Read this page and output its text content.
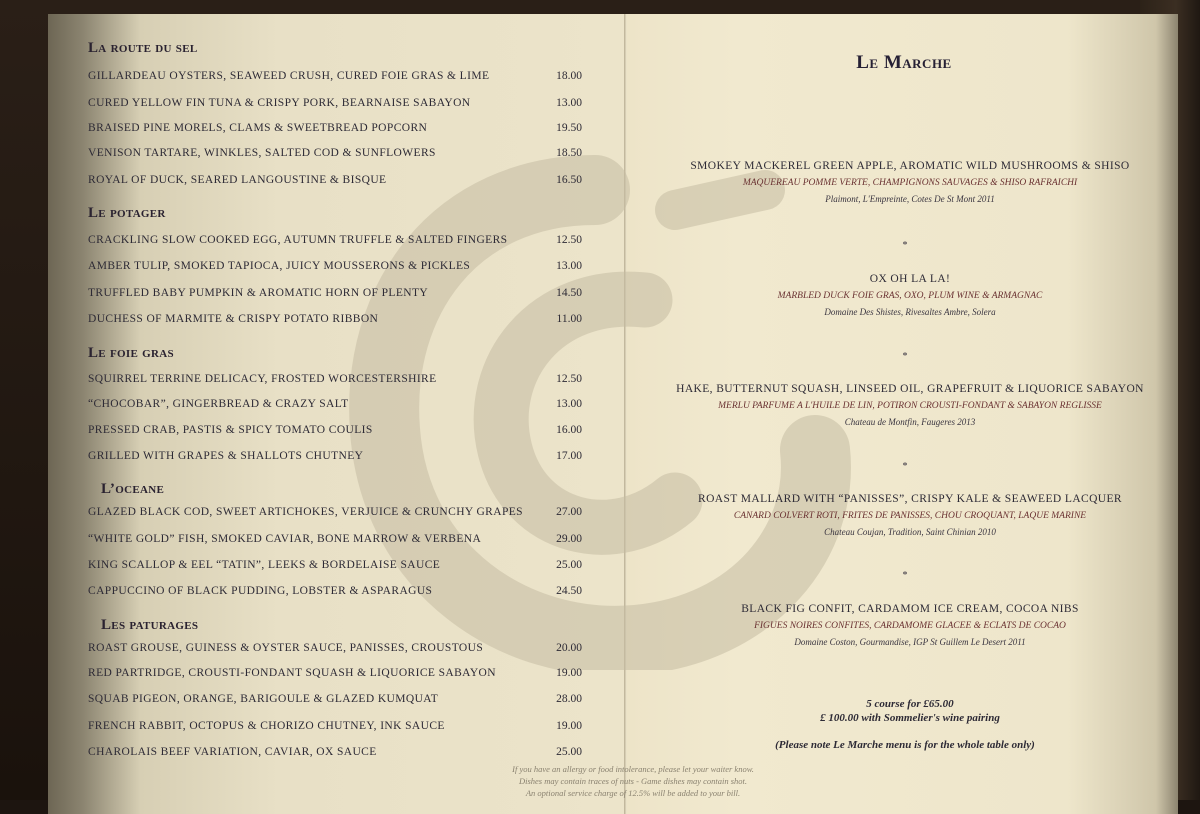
La route du sel
GILLARDEAU OYSTERS, SEAWEED CRUSH, CURED FOIE GRAS & LIME	18.00
CURED YELLOW FIN TUNA & CRISPY PORK, BEARNAISE SABAYON	13.00
BRAISED PINE MORELS, CLAMS & SWEETBREAD POPCORN	19.50
VENISON TARTARE, WINKLES, SALTED COD & SUNFLOWERS	18.50
ROYAL OF DUCK, SEARED LANGOUSTINE & BISQUE	16.50
Le potager
CRACKLING SLOW COOKED EGG, AUTUMN TRUFFLE & SALTED FINGERS	12.50
AMBER TULIP, SMOKED TAPIOCA, JUICY MOUSSERONS & PICKLES	13.00
TRUFFLED BABY PUMPKIN & AROMATIC HORN OF PLENTY	14.50
DUCHESS OF MARMITE & CRISPY POTATO RIBBON	11.00
Le foie gras
SQUIRREL TERRINE DELICACY, FROSTED WORCESTERSHIRE	12.50
“CHOCOBAR”, GINGERBREAD & CRAZY SALT	13.00
PRESSED CRAB, PASTIS & SPICY TOMATO COULIS	16.00
GRILLED WITH GRAPES & SHALLOTS CHUTNEY	17.00
L’oceane
GLAZED BLACK COD, SWEET ARTICHOKES, VERJUICE & CRUNCHY GRAPES	27.00
“WHITE GOLD” FISH, SMOKED CAVIAR, BONE MARROW & VERBENA	29.00
KING SCALLOP & EEL “TATIN”, LEEKS & BORDELAISE SAUCE	25.00
CAPPUCCINO OF BLACK PUDDING, LOBSTER & ASPARAGUS	24.50
Les paturages
ROAST GROUSE, GUINESS & OYSTER SAUCE, PANISSES, CROUSTOUS	20.00
RED PARTRIDGE, CROUSTI-FONDANT SQUASH & LIQUORICE SABAYON	19.00
SQUAB PIGEON, ORANGE, BARIGOULE & GLAZED KUMQUAT	28.00
FRENCH RABBIT, OCTOPUS & CHORIZO CHUTNEY, INK SAUCE	19.00
CHAROLAIS BEEF VARIATION, CAVIAR, OX SAUCE	25.00
If you have an allergy or food intolerance, please let your waiter know.
Dishes may contain traces of nuts - Game dishes may contain shot.
An optional service charge of 12.5% will be added to your bill.
Le Marche
SMOKEY MACKEREL GREEN APPLE, AROMATIC WILD MUSHROOMS & SHISO
MAQUEREAU POMME VERTE, CHAMPIGNONS SAUVAGES & SHISO RAFRAICHI
Plaimont, L'Empreinte, Cotes De St Mont 2011
*
OX OH LA LA!
MARBLED DUCK FOIE GRAS, OXO, PLUM WINE & ARMAGNAC
Domaine Des Shistes, Rivesaltes Ambre, Solera
*
HAKE, BUTTERNUT SQUASH, LINSEED OIL, GRAPEFRUIT & LIQUORICE SABAYON
MERLU PARFUME A L'HUILE DE LIN, POTIRON CROUSTI-FONDANT & SABAYON REGLISSE
Chateau de Montfin, Faugeres 2013
*
ROAST MALLARD WITH “PANISSES”, CRISPY KALE & SEAWEED LACQUER
CANARD COLVERT ROTI, FRITES DE PANISSES, CHOU CROQUANT, LAQUE MARINE
Chateau Coujan, Tradition, Saint Chinian 2010
*
BLACK FIG CONFIT, CARDAMOM ICE CREAM, COCOA NIBS
FIGUES NOIRES CONFITES, CARDAMOME GLACEE & ECLATS DE COCAO
Domaine Coston, Gourmandise, IGP St Guillem Le Desert 2011
5 course for £65.00
£ 100.00 with Sommelier's wine pairing
(Please note Le Marche menu is for the whole table only)
